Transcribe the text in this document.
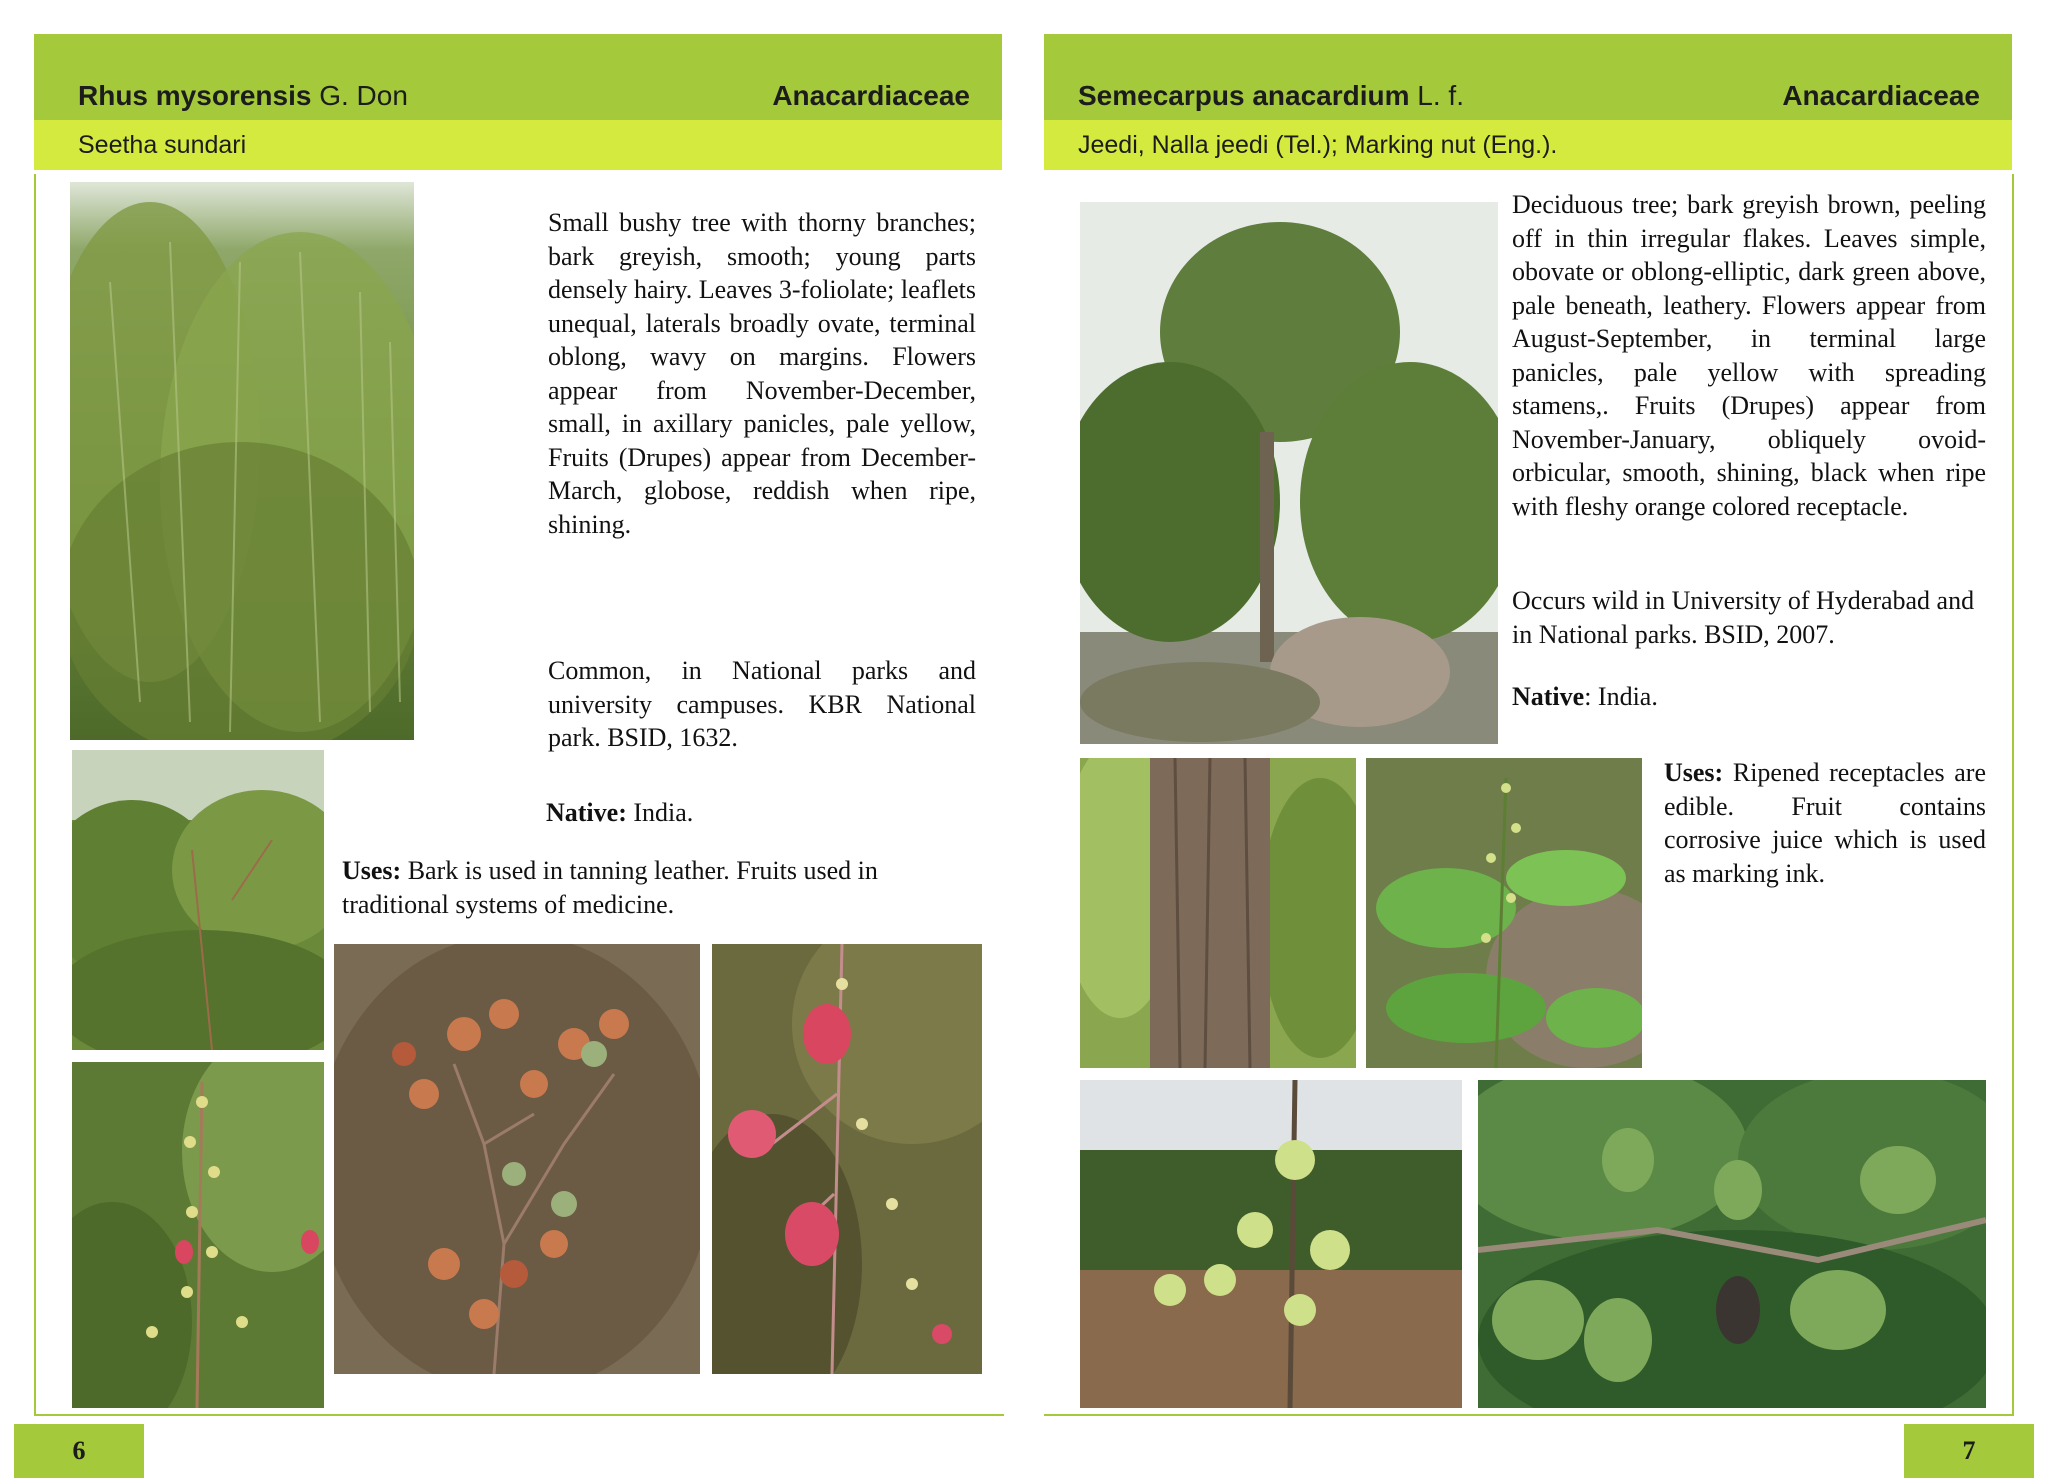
Rhus mysorensis G. Don	Anacardiaceae
Seetha sundari
Small bushy tree with thorny branches; bark greyish, smooth; young parts densely hairy. Leaves 3-foliolate; leaflets unequal, laterals broadly ovate, terminal oblong, wavy on margins. Flowers appear from November-December, small, in axillary panicles, pale yellow, Fruits (Drupes) appear from December-March, globose, reddish when ripe, shining.
Common, in National parks and university campuses. KBR National park. BSID, 1632.
Native: India.
Uses: Bark is used in tanning leather. Fruits used in traditional systems of medicine.
6
Semecarpus anacardium L. f.	Anacardiaceae
Jeedi, Nalla jeedi (Tel.); Marking nut (Eng.).
Deciduous tree; bark greyish brown, peeling off in thin irregular flakes. Leaves simple, obovate or oblong-elliptic, dark green above, pale beneath, leathery. Flowers appear from August-September, in terminal large panicles, pale yellow with spreading stamens,. Fruits (Drupes) appear from November-January, obliquely ovoid-orbicular, smooth, shining, black when ripe with fleshy orange colored receptacle.
Occurs wild in University of Hyderabad and in National parks. BSID, 2007.
Native: India.
Uses: Ripened receptacles are edible. Fruit contains corrosive juice which is used as marking ink.
7
